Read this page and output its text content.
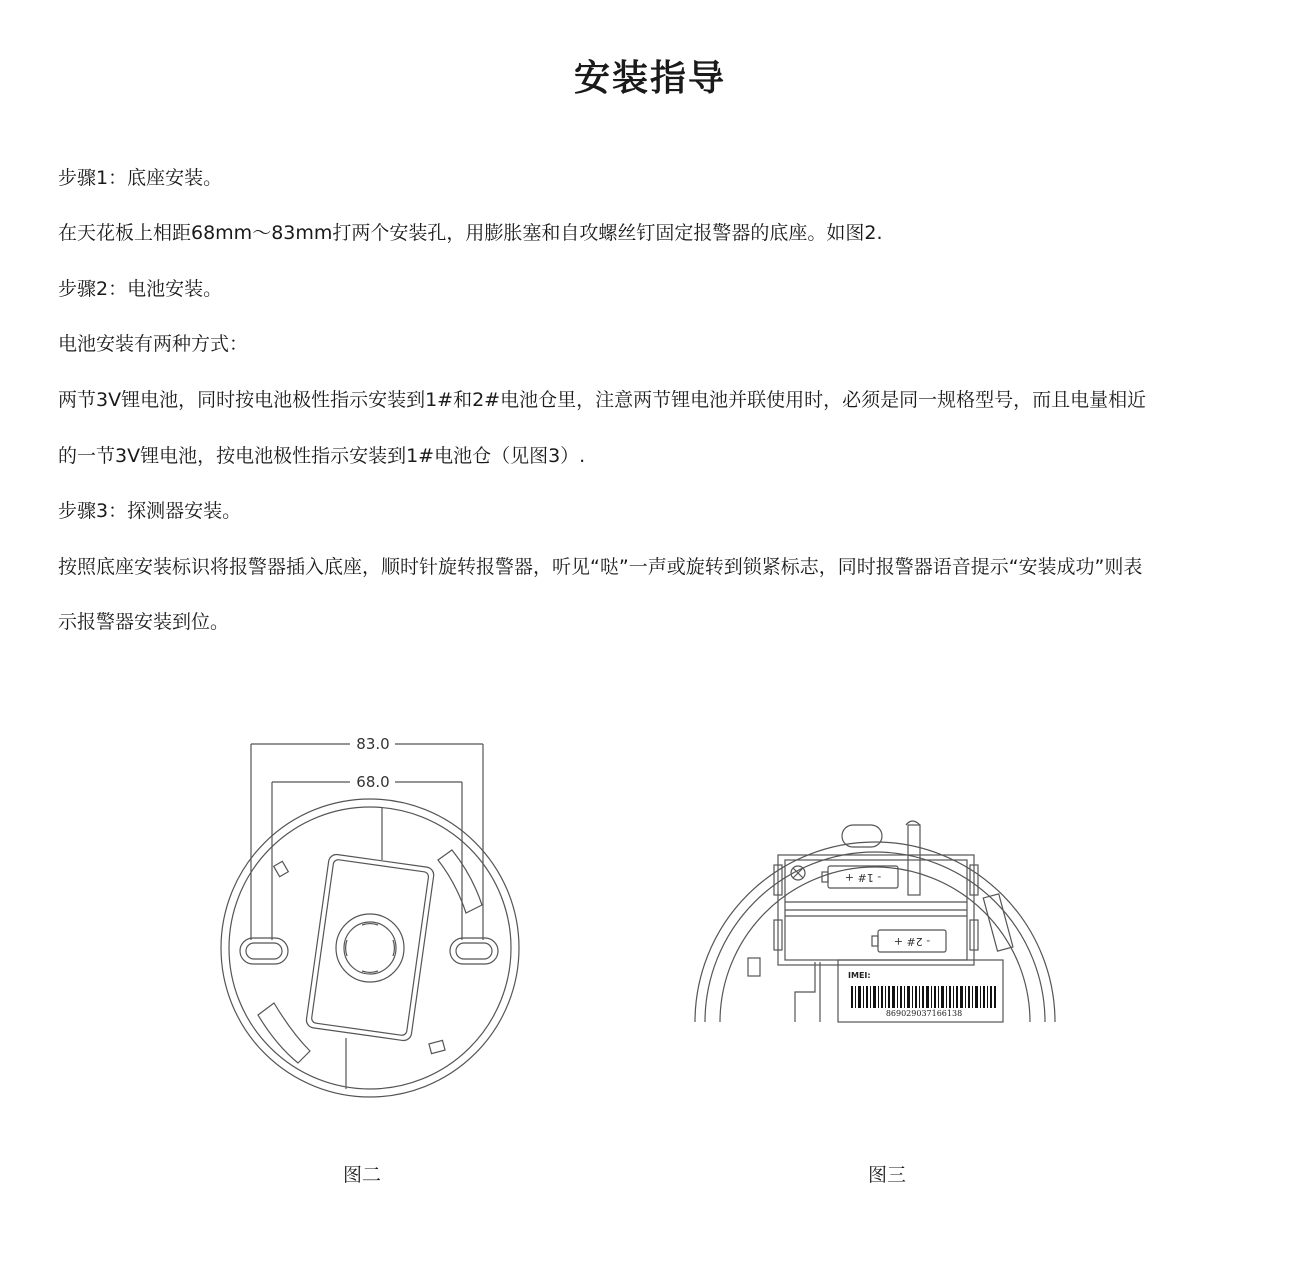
安装指导
步骤1：底座安装。
在天花板上相距68mm～83mm打两个安装孔，用膨胀塞和自攻螺丝钉固定报警器的底座。如图2.
步骤2：电池安装。
电池安装有两种方式：
两节3V锂电池，同时按电池极性指示安装到1#和2#电池仓里，注意两节锂电池并联使用时，必须是同一规格型号，而且电量相近
的一节3V锂电池，按电池极性指示安装到1#电池仓（见图3）.
步骤3：探测器安装。
按照底座安装标识将报警器插入底座，顺时针旋转报警器，听见“哒”一声或旋转到锁紧标志，同时报警器语音提示“安装成功”则表
示报警器安装到位。
83.0
68.0
IMEI:
869029037166138
- 1# +
- 2# +
图二	图三
